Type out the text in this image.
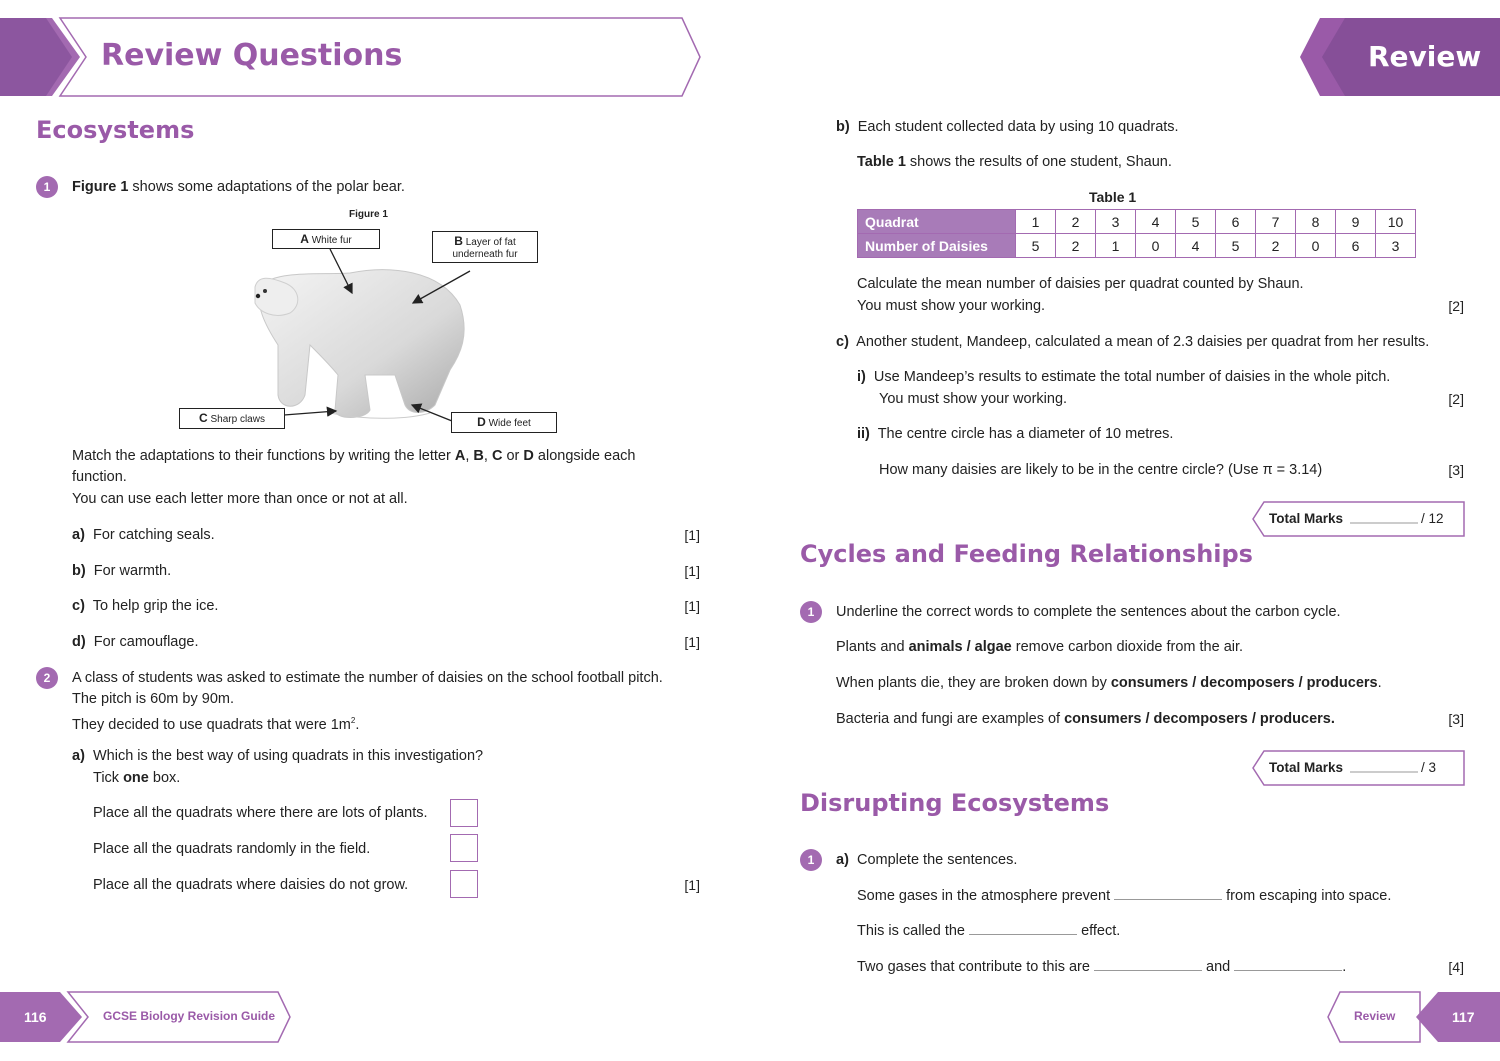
Review Questions	Review
Ecosystems
1	Figure 1 shows some adaptations of the polar bear.
Figure 1
A White fur	B Layer of fat
underneath fur
C Sharp claws	D Wide feet
Match the adaptations to their functions by writing the letter A, B, C or D alongside each
function.
You can use each letter more than once or not at all.
a) For catching seals.	[1]
b) For warmth.	[1]
c) To help grip the ice.	[1]
d) For camouflage.	[1]
2	A class of students was asked to estimate the number of daisies on the school football pitch.
The pitch is 60m by 90m.
They decided to use quadrats that were $1m^2$.
a) Which is the best way of using quadrats in this investigation?
Tick one box.
Place all the quadrats where there are lots of plants.
Place all the quadrats randomly in the field.
Place all the quadrats where daisies do not grow.	[1]
b) Each student collected data by using 10 quadrats.
Table 1 shows the results of one student, Shaun.
Table 1
Quadrat	1	2	3	4	5	6	7	8	9	10
Number of Daisies	5	2	1	0	4	5	2	0	6	3
Calculate the mean number of daisies per quadrat counted by Shaun.
You must show your working.	[2]
c) Another student, Mandeep, calculated a mean of 2.3 daisies per quadrat from her results.
i) Use Mandeep’s results to estimate the total number of daisies in the whole pitch.
You must show your working.	[2]
ii) The centre circle has a diameter of 10 metres.
How many daisies are likely to be in the centre circle? (Use π = 3.14)	[3]
Total Marks	/ 12
Cycles and Feeding Relationships
1	Underline the correct words to complete the sentences about the carbon cycle.
Plants and animals / algae remove carbon dioxide from the air.
When plants die, they are broken down by consumers / decomposers / producers.
Bacteria and fungi are examples of consumers / decomposers / producers.	[3]
Total Marks	/ 3
Disrupting Ecosystems
1	a) Complete the sentences.
Some gases in the atmosphere prevent	from escaping into space.
This is called the	effect.
Two gases that contribute to this are	and	.	[4]
116	GCSE Biology Revision Guide	Review	117
